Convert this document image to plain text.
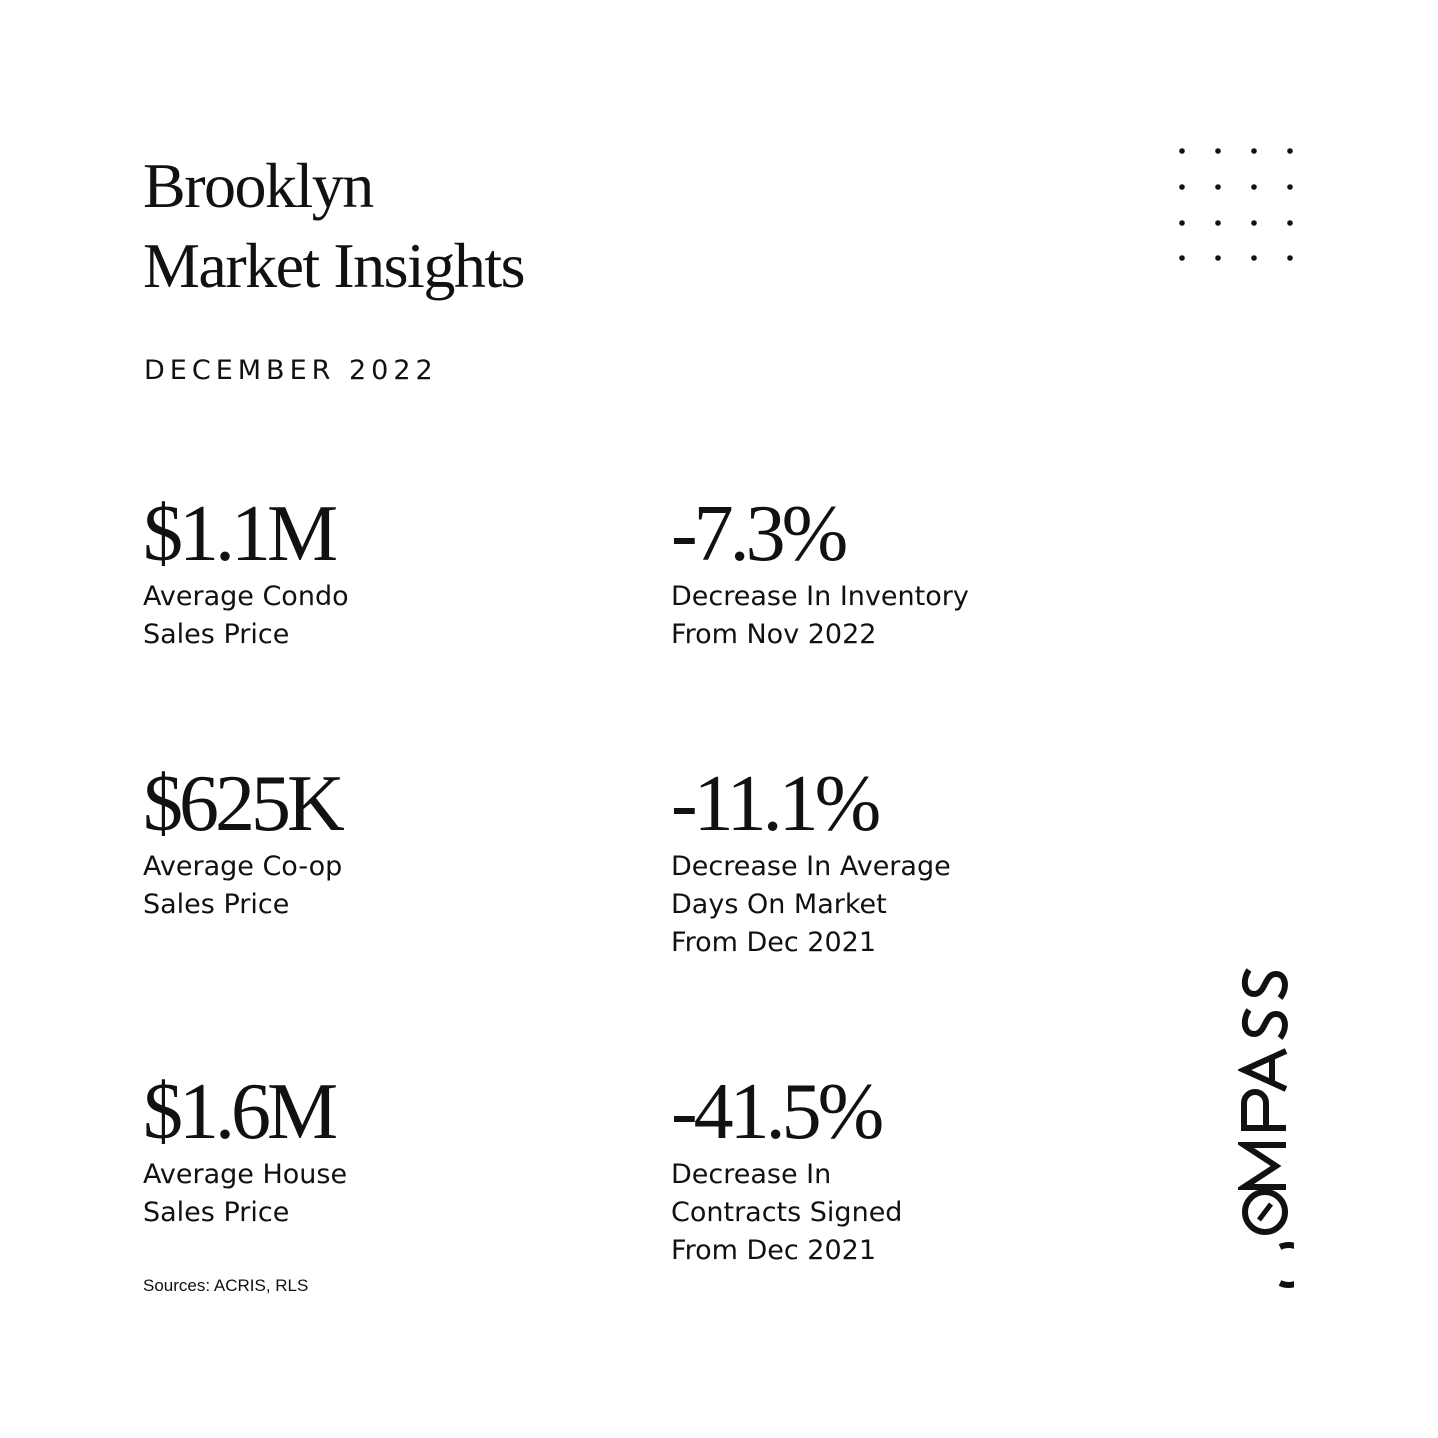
Brooklyn
Market Insights
DECEMBER 2022
$1.1M
Average Condo
Sales Price
-7.3%
Decrease In Inventory
From Nov 2022
$625K
Average Co-op
Sales Price
-11.1%
Decrease In Average
Days On Market
From Dec 2021
$1.6M
Average House
Sales Price
-41.5%
Decrease In
Contracts Signed
From Dec 2021
Sources: ACRIS, RLS
